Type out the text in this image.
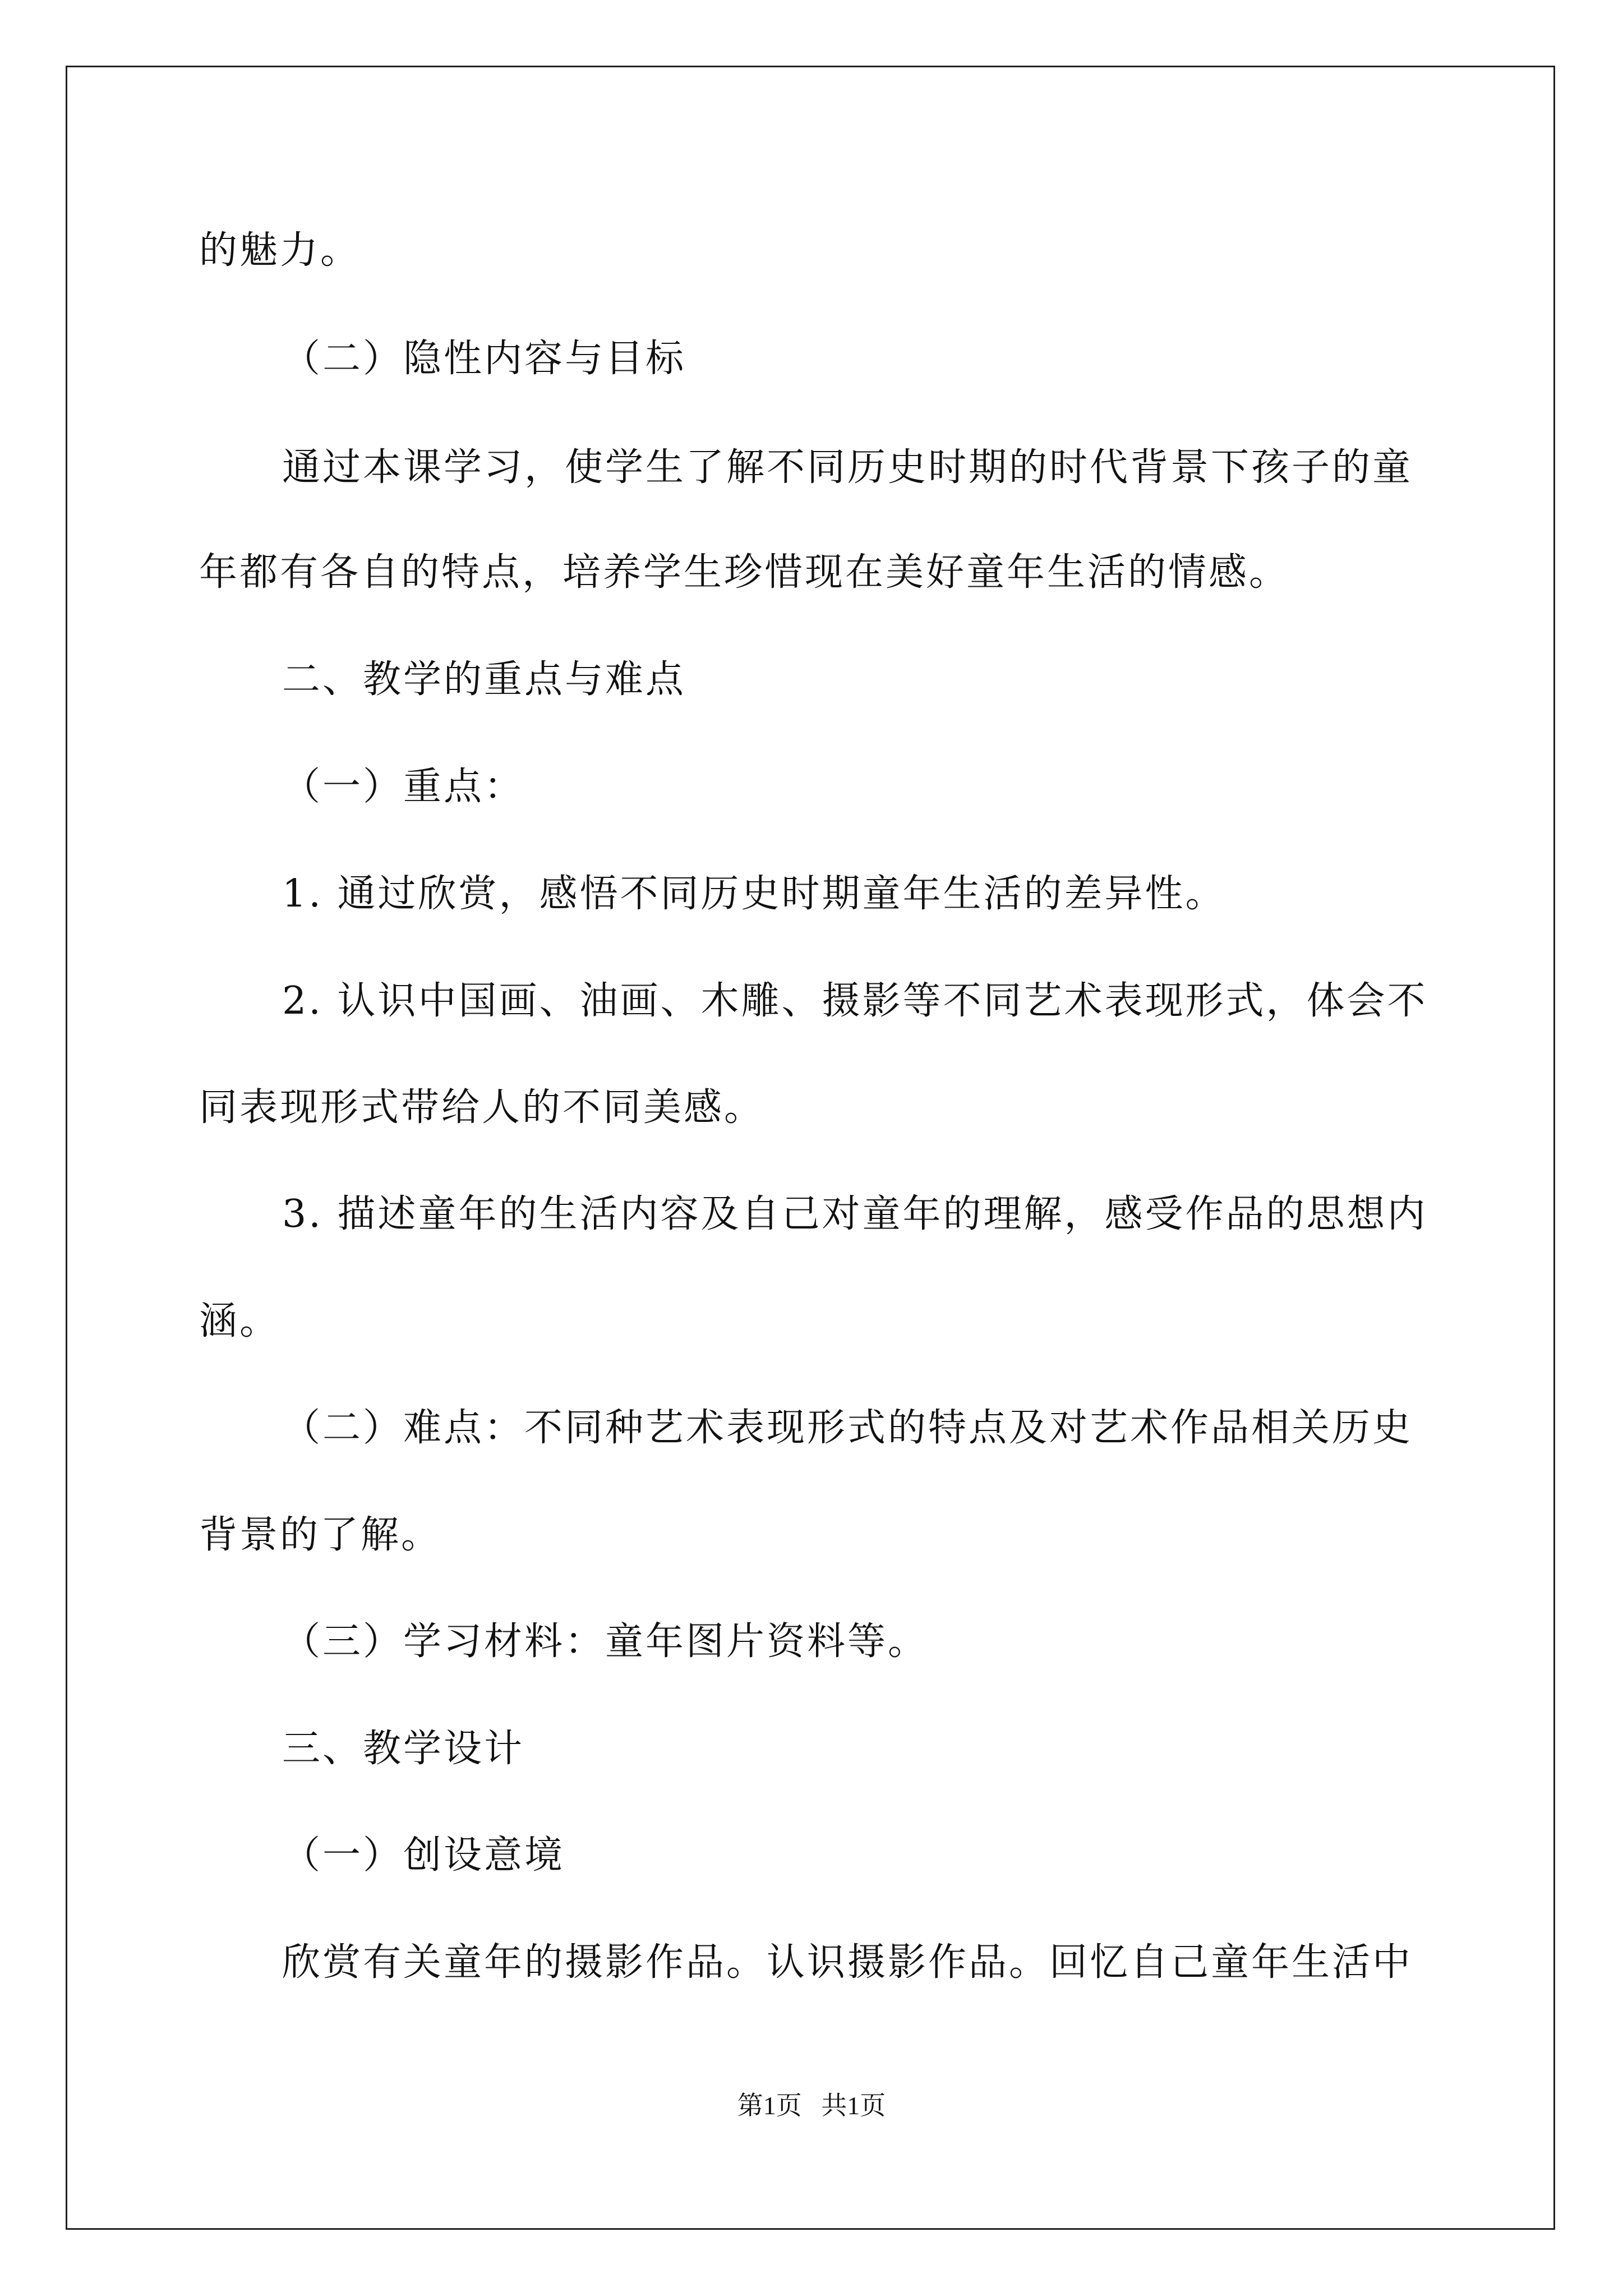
的魅力。
（二）隐性内容与目标
通过本课学习，使学生了解不同历史时期的时代背景下孩子的童
年都有各自的特点，培养学生珍惜现在美好童年生活的情感。
二、教学的重点与难点
（一）重点：
1. 通过欣赏，感悟不同历史时期童年生活的差异性。
2. 认识中国画、油画、木雕、摄影等不同艺术表现形式，体会不
同表现形式带给人的不同美感。
3. 描述童年的生活内容及自己对童年的理解，感受作品的思想内
涵。
（二）难点：不同种艺术表现形式的特点及对艺术作品相关历史
背景的了解。
（三）学习材料：童年图片资料等。
三、教学设计
（一）创设意境
欣赏有关童年的摄影作品。认识摄影作品。回忆自己童年生活中
第1页   共1页
